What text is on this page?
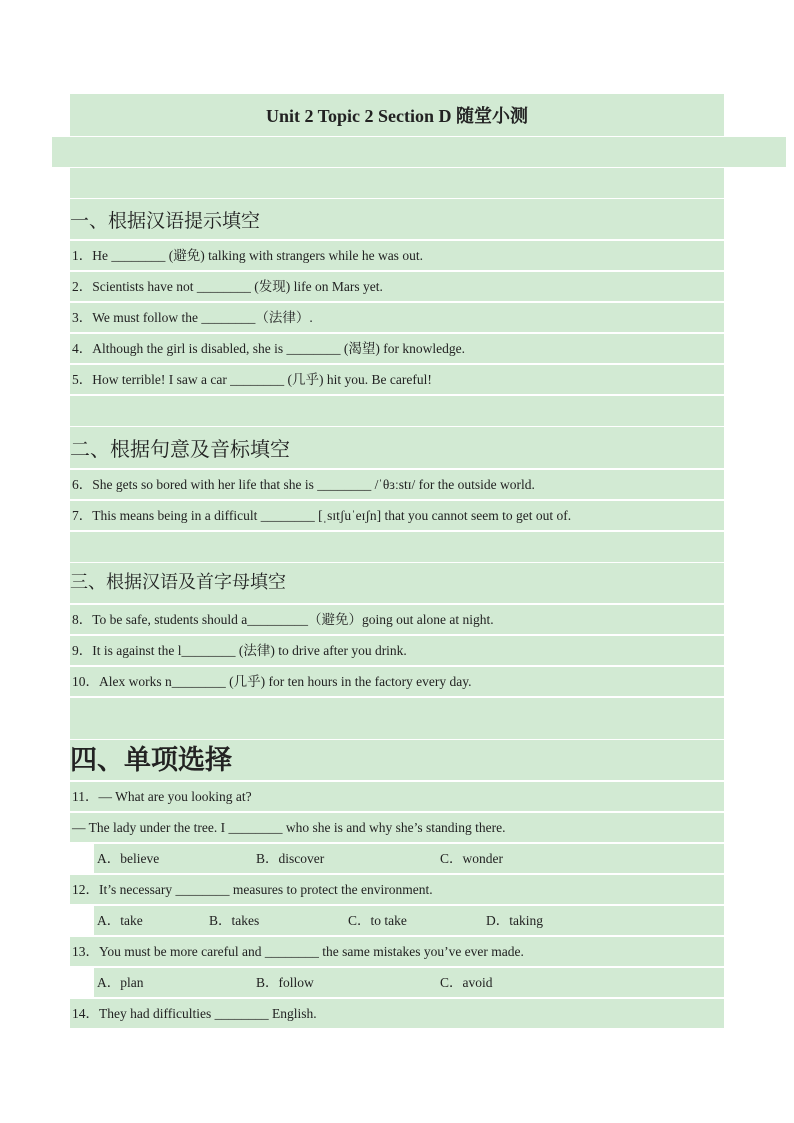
Unit 2 Topic 2 Section D 随堂小测
一、根据汉语提示填空
1．He ________ (避免) talking with strangers while he was out.
2．Scientists have not ________ (发现) life on Mars yet.
3．We must follow the ________（法律）.
4．Although the girl is disabled, she is ________ (渴望) for knowledge.
5．How terrible! I saw a car ________ (几乎) hit you. Be careful!
二、根据句意及音标填空
6．She gets so bored with her life that she is ________ /ˈθɜːstɪ/ for the outside world.
7．This means being in a difficult ________ [ˌsɪtʃuˈeɪʃn] that you cannot seem to get out of.
三、根据汉语及首字母填空
8．To be safe, students should a_________（避免）going out alone at night.
9．It is against the l________ (法律) to drive after you drink.
10．Alex works n________ (几乎) for ten hours in the factory every day.
四、单项选择
11．— What are you looking at?
— The lady under the tree. I ________ who she is and why she’s standing there.
A．believe	B．discover	C．wonder
12．It’s necessary ________ measures to protect the environment.
A．take	B．takes	C．to take	D．taking
13．You must be more careful and ________ the same mistakes you’ve ever made.
A．plan	B．follow	C．avoid
14．They had difficulties ________ English.
